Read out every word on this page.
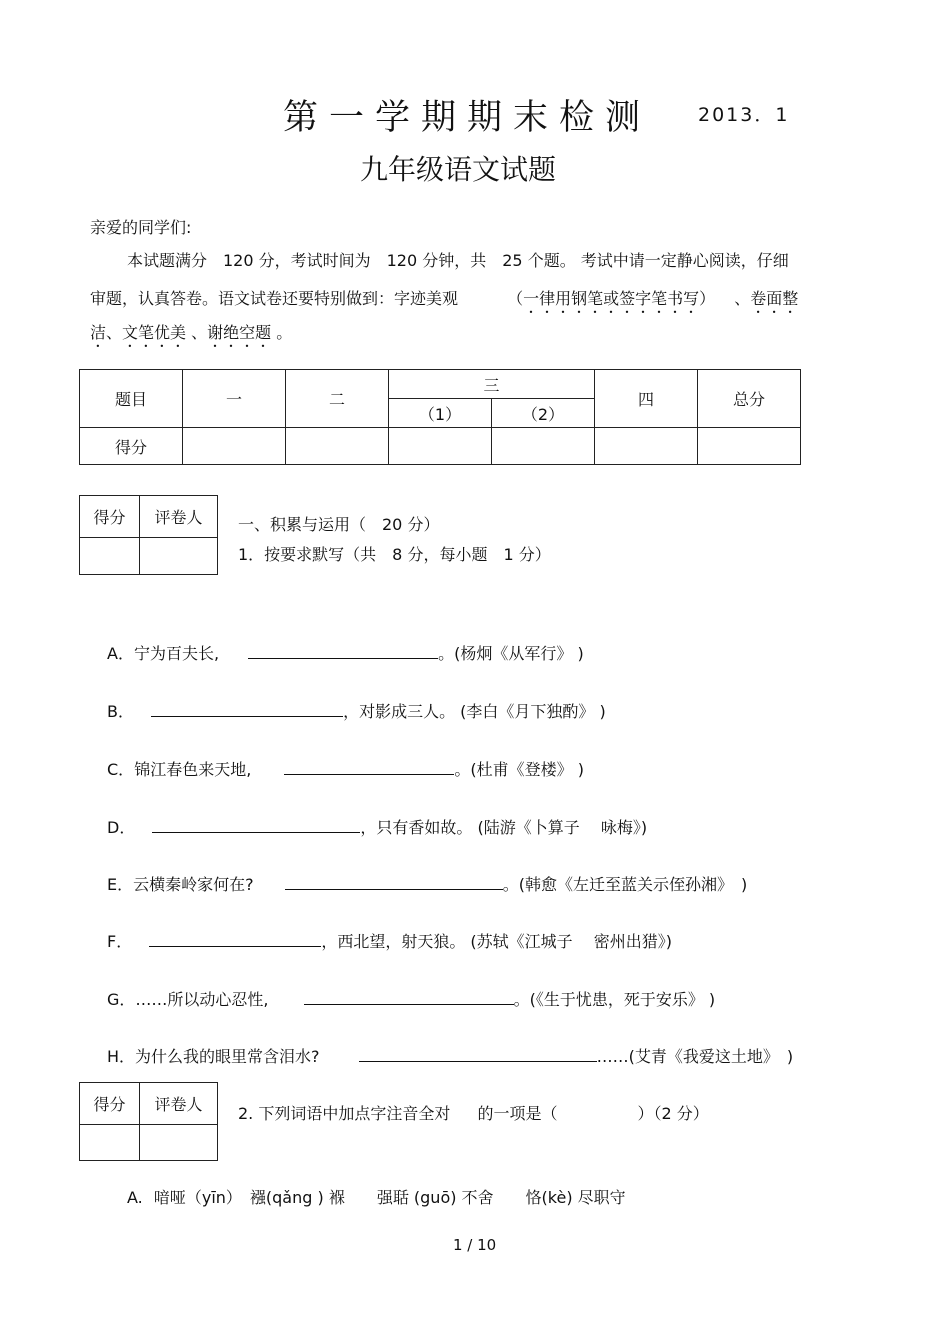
第一学期期末检测 2013．1
九年级语文试题
亲爱的同学们:
本试题满分　120 分，考试时间为　120 分钟，共　25 个题。 考试中请一定静心阅读，仔细
审题，认真答卷。语文试卷还要特别做到：字迹美观　　	（一律用钢笔或签字笔书写） 、卷面整
洁、文笔优美 、谢绝空题 。
题目	一	二	三		四	总分
			（1）	（2）		
得分						
得分	评卷人
	一、积累与运用（　20 分）
1．按要求默写（共　8 分，每小题　1 分）
A．宁为百夫长,	。(杨炯《从军行》 )
B．	，对影成三人。 (李白《月下独酌》 )
C．锦江春色来天地,	。(杜甫《登楼》 )
D．	，只有香如故。 (陆游《卜算子　 咏梅》)
E．云横秦岭家何在?	。(韩愈《左迁至蓝关示侄孙湘》　)
F．	，西北望，射天狼。 (苏轼《江城子　 密州出猎》)
G．……所以动心忍性,	。(《生于忧患，死于安乐》 )
H．为什么我的眼里常含泪水?	……(艾青《我爱这土地》　)
得分	评卷人
	2. 下列词语中加点字注音全对　 的一项是（	）（2 分）
A. 喑哑（yīn）　襁(qǎng ) 褓　　强聒 (guō) 不舍　　恪(kè) 尽职守
1 / 10
